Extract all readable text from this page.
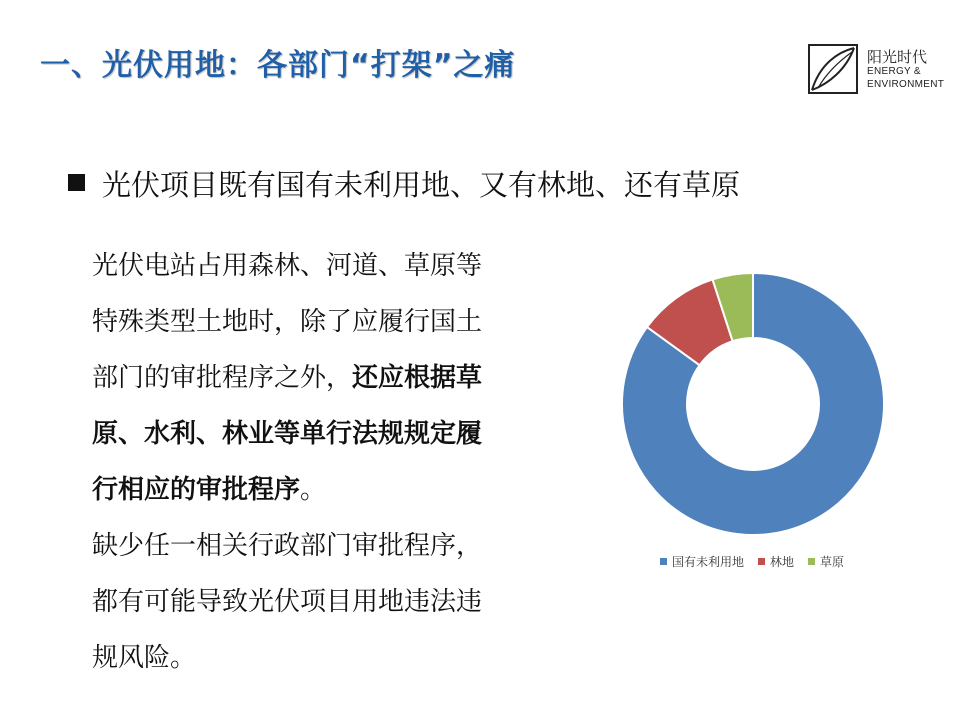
一、光伏用地：各部门“打架”之痛	阳光时代
ENERGY &
ENVIRONMENT
光伏项目既有国有未利用地、又有林地、还有草原
光伏电站占用森林、河道、草原等
特殊类型土地时，除了应履行国土
部门的审批程序之外，还应根据草
原、水利、林业等单行法规规定履
行相应的审批程序。
缺少任一相关行政部门审批程序，
都有可能导致光伏项目用地违法违
规风险。
国有未利用地 林地 草原
